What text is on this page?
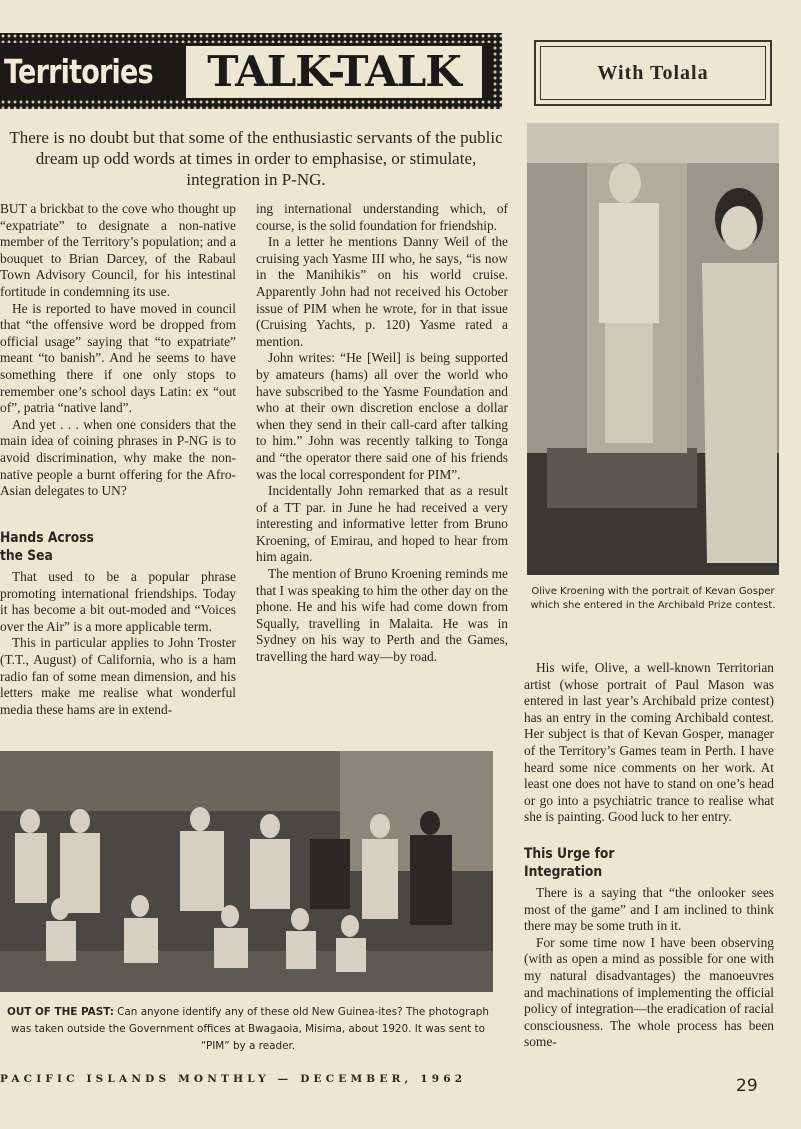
Territories	TALK-TALK	With Tolala
There is no doubt but that some of the enthusiastic servants of the public dream up odd words at times in order to emphasise, or stimulate, integration in P-NG.

BUT a brickbat to the cove who thought up “expatriate” to designate a non-native member of the Territory’s population; and a bouquet to Brian Darcey, of the Rabaul Town Advisory Council, for his intestinal fortitude in condemning its use.

He is reported to have moved in council that “the offensive word be dropped from official usage” saying that “to expatriate” meant “to banish”. And he seems to have something there if one only stops to remember one’s school days Latin: ex “out of”, patria “native land”.

And yet . . . when one considers that the main idea of coining phrases in P-NG is to avoid discrimination, why make the non-native people a burnt offering for the Afro-Asian delegates to UN?

Hands Across the Sea

That used to be a popular phrase promoting international friendships. Today it has become a bit out-moded and “Voices over the Air” is a more applicable term.

This in particular applies to John Troster (T.T., August) of California, who is a ham radio fan of some mean dimension, and his letters make me realise what wonderful media these hams are in extend-

ing international understanding which, of course, is the solid foundation for friendship.

In a letter he mentions Danny Weil of the cruising yach Yasme III who, he says, “is now in the Manihikis” on his world cruise. Apparently John had not received his October issue of PIM when he wrote, for in that issue (Cruising Yachts, p. 120) Yasme rated a mention.

John writes: “He [Weil] is being supported by amateurs (hams) all over the world who have subscribed to the Yasme Foundation and who at their own discretion enclose a dollar when they send in their call-card after talking to him.” John was recently talking to Tonga and “the operator there said one of his friends was the local correspondent for PIM”.

Incidentally John remarked that as a result of a TT par. in June he had received a very interesting and informative letter from Bruno Kroening, of Emirau, and hoped to hear from him again.

The mention of Bruno Kroening reminds me that I was speaking to him the other day on the phone. He and his wife had come down from Squally, travelling in Malaita. He was in Sydney on his way to Perth and the Games, travelling the hard way—by road.

Olive Kroening with the portrait of Kevan Gosper which she entered in the Archibald Prize contest.

His wife, Olive, a well-known Territorian artist (whose portrait of Paul Mason was entered in last year’s Archibald prize contest) has an entry in the coming Archibald contest. Her subject is that of Kevan Gosper, manager of the Territory’s Games team in Perth. I have heard some nice comments on her work. At least one does not have to stand on one’s head or go into a psychiatric trance to realise what she is painting. Good luck to her entry.

This Urge for Integration

There is a saying that “the onlooker sees most of the game” and I am inclined to think there may be some truth in it.

For some time now I have been observing (with as open a mind as possible for one with my natural disadvantages) the manoeuvres and machinations of implementing the official policy of integration—the eradication of racial consciousness. The whole process has been some-

OUT OF THE PAST: Can anyone identify any of these old New Guinea-ites? The photograph was taken outside the Government offices at Bwagaoia, Misima, about 1920. It was sent to “PIM” by a reader.
PACIFIC ISLANDS MONTHLY — DECEMBER, 1962	29
